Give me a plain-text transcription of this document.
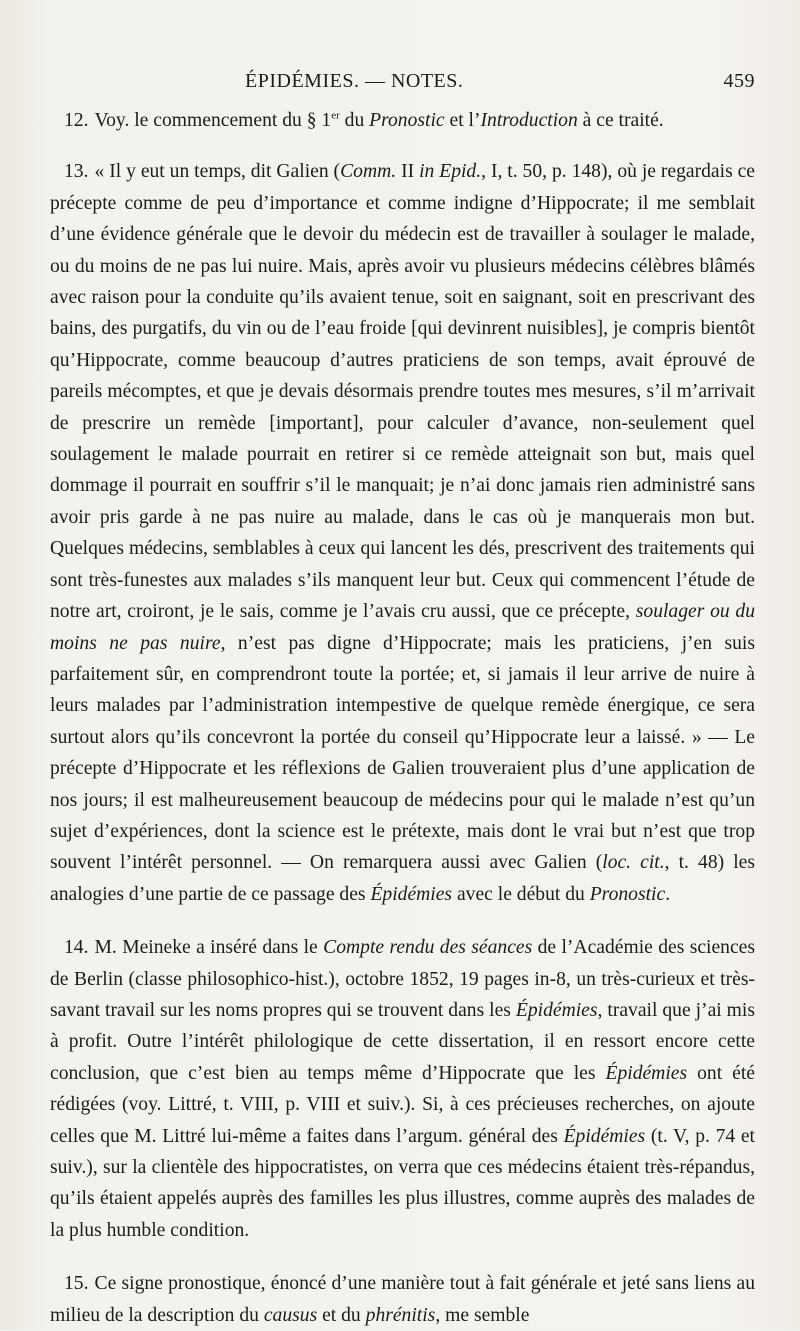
ÉPIDÉMIES. — NOTES.	459

12. Voy. le commencement du § 1er du Pronostic et l’Introduction à ce traité.

13. « Il y eut un temps, dit Galien (Comm. II in Epid., I, t. 50, p. 148), où je regardais ce précepte comme de peu d’importance et comme indigne d’Hippocrate; il me semblait d’une évidence générale que le devoir du médecin est de travailler à soulager le malade, ou du moins de ne pas lui nuire. Mais, après avoir vu plusieurs médecins célèbres blâmés avec raison pour la conduite qu’ils avaient tenue, soit en saignant, soit en prescrivant des bains, des purgatifs, du vin ou de l’eau froide [qui devinrent nuisibles], je compris bientôt qu’Hippocrate, comme beaucoup d’autres praticiens de son temps, avait éprouvé de pareils mécomptes, et que je devais désormais prendre toutes mes mesures, s’il m’arrivait de prescrire un remède [important], pour calculer d’avance, non-seulement quel soulagement le malade pourrait en retirer si ce remède atteignait son but, mais quel dommage il pourrait en souffrir s’il le manquait; je n’ai donc jamais rien administré sans avoir pris garde à ne pas nuire au malade, dans le cas où je manquerais mon but. Quelques médecins, semblables à ceux qui lancent les dés, prescrivent des traitements qui sont très-funestes aux malades s’ils manquent leur but. Ceux qui commencent l’étude de notre art, croiront, je le sais, comme je l’avais cru aussi, que ce précepte, soulager ou du moins ne pas nuire, n’est pas digne d’Hippocrate; mais les praticiens, j’en suis parfaitement sûr, en comprendront toute la portée; et, si jamais il leur arrive de nuire à leurs malades par l’administration intempestive de quelque remède énergique, ce sera surtout alors qu’ils concevront la portée du conseil qu’Hippocrate leur a laissé. » — Le précepte d’Hippocrate et les réflexions de Galien trouveraient plus d’une application de nos jours; il est malheureusement beaucoup de médecins pour qui le malade n’est qu’un sujet d’expériences, dont la science est le prétexte, mais dont le vrai but n’est que trop souvent l’intérêt personnel. — On remarquera aussi avec Galien (loc. cit., t. 48) les analogies d’une partie de ce passage des Épidémies avec le début du Pronostic.

14. M. Meineke a inséré dans le Compte rendu des séances de l’Académie des sciences de Berlin (classe philosophico-hist.), octobre 1852, 19 pages in-8, un très-curieux et très-savant travail sur les noms propres qui se trouvent dans les Épidémies, travail que j’ai mis à profit. Outre l’intérêt philologique de cette dissertation, il en ressort encore cette conclusion, que c’est bien au temps même d’Hippocrate que les Épidémies ont été rédigées (voy. Littré, t. VIII, p. VIII et suiv.). Si, à ces précieuses recherches, on ajoute celles que M. Littré lui-même a faites dans l’argum. général des Épidémies (t. V, p. 74 et suiv.), sur la clientèle des hippocratistes, on verra que ces médecins étaient très-répandus, qu’ils étaient appelés auprès des familles les plus illustres, comme auprès des malades de la plus humble condition.

15. Ce signe pronostique, énoncé d’une manière tout à fait générale et jeté sans liens au milieu de la description du causus et du phrénitis, me semble
